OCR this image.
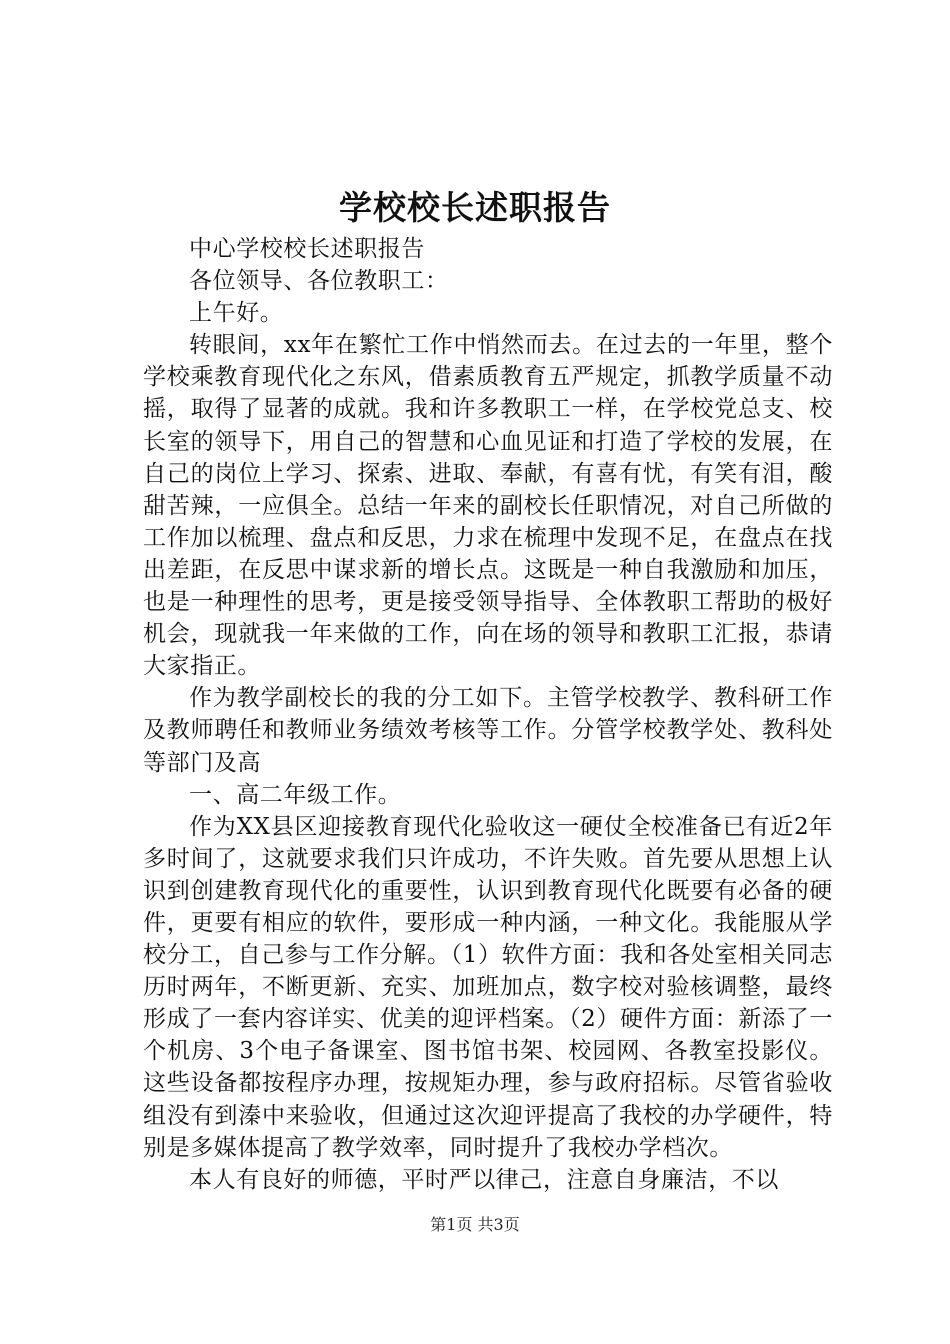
学校校长述职报告

中心学校校长述职报告

各位领导、各位教职工：

上午好。

转眼间，xx年在繁忙工作中悄然而去。在过去的一年里，整个学校乘教育现代化之东风，借素质教育五严规定，抓教学质量不动摇，取得了显著的成就。我和许多教职工一样，在学校党总支、校长室的领导下，用自己的智慧和心血见证和打造了学校的发展，在自己的岗位上学习、探索、进取、奉献，有喜有忧，有笑有泪，酸甜苦辣，一应俱全。总结一年来的副校长任职情况，对自己所做的工作加以梳理、盘点和反思，力求在梳理中发现不足，在盘点在找出差距，在反思中谋求新的增长点。这既是一种自我激励和加压，也是一种理性的思考，更是接受领导指导、全体教职工帮助的极好机会，现就我一年来做的工作，向在场的领导和教职工汇报，恭请大家指正。

作为教学副校长的我的分工如下。主管学校教学、教科研工作及教师聘任和教师业务绩效考核等工作。分管学校教学处、教科处等部门及高

一、高二年级工作。

作为XX县区迎接教育现代化验收这一硬仗全校准备已有近2年多时间了，这就要求我们只许成功，不许失败。首先要从思想上认识到创建教育现代化的重要性，认识到教育现代化既要有必备的硬件，更要有相应的软件，要形成一种内涵，一种文化。我能服从学校分工，自己参与工作分解。（1）软件方面：我和各处室相关同志历时两年，不断更新、充实、加班加点，数字校对验核调整，最终形成了一套内容详实、优美的迎评档案。（2）硬件方面：新添了一个机房、3个电子备课室、图书馆书架、校园网、各教室投影仪。这些设备都按程序办理，按规矩办理，参与政府招标。尽管省验收组没有到溱中来验收，但通过这次迎评提高了我校的办学硬件，特别是多媒体提高了教学效率，同时提升了我校办学档次。

本人有良好的师德，平时严以律己，注意自身廉洁，不以

第1页 共3页
